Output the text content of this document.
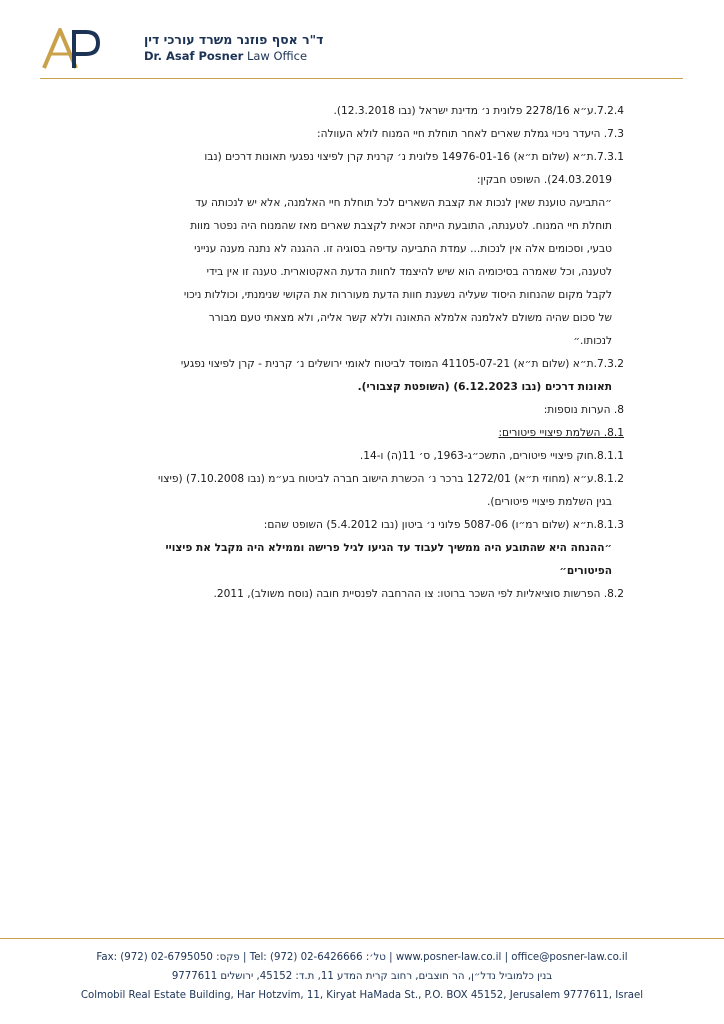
ד"ר אסף פוזנר משרד עורכי דין
Dr. Asaf Posner Law Office
7.2.4.ע״א 2278/16 פלונית נ׳ מדינת ישראל (נבו 12.3.2018).
7.3. היעדר ניכוי גמלת שארים לאחר תוחלת חיי המנוח לולא העוולה:
7.3.1.ת״א (שלום ת״א) 14976-01-16 פלונית נ׳ קרנית קרן לפיצוי נפגעי תאונות דרכים (נבו
24.03.2019). השופט חבקין:
״התביעה טוענת שאין לנכות את קצבת השארים לכל תוחלת חיי האלמנה, אלא יש לנכותה עד
תוחלת חיי המנוח. לטענתה, התובעת הייתה זכאית לקצבת שארים מאז שהמנוח היה נפטר מוות
טבעי, וסכומים אלה אין לנכות... עמדת התביעה עדיפה בסוגיה זו. ההגנה לא נתנה מענה ענייני
לטענה, וכל שאמרה בסיכומיה הוא שיש להיצמד לחוות הדעת האקטוארית. טענה זו אין בידי
לקבל מקום שהנחות היסוד שעליה נשענת חוות הדעת מעוררות את הקושי שנימנתי, וכוללות ניכוי
של סכום שהיה משולם לאלמנה אלמלא התאונה וללא קשר אליה, ולא מצאתי טעם מבורר
לנכותו.״
7.3.2.ת״א (שלום ת״א) 41105-07-21 המוסד לביטוח לאומי ירושלים נ׳ קרנית - קרן לפיצוי נפגעי
תאונות דרכים (נבו 6.12.2023) (השופטת קצבורי).
8. הערות נוספות:
8.1. השלמת פיצויי פיטורים:
8.1.1.חוק פיצויי פיטורים, התשכ״ג-1963, ס׳ 11(ה) ו-14.
8.1.2.ע״א (מחוזי ת״א) 1272/01 ברכר נ׳ הכשרת הישוב חברה לביטוח בע״מ (נבו 7.10.2008) (פיצוי
בגין השלמת פיצויי פיטורים).
8.1.3.ת״א (שלום רמ״ו) 5087-06 פלוני נ׳ ביטון (נבו 5.4.2012) השופט שהם:
״ההנחה היא שהתובע היה ממשיך לעבוד עד הגיעו לגיל פרישה וממילא היה מקבל את פיצויי
הפיטורים״
8.2. הפרשות סוציאליות לפי השכר ברוטו: צו ההרחבה לפנסיית חובה (נוסח משולב), 2011.
Fax: (972) 02-6795050 :פקס | Tel: (972) 02-6426666 :טל׳ | www.posner-law.co.il | office@posner-law.co.il
בנין כלמוביל נדל״ן, הר חוצבים, רחוב קרית המדע 11, ת.ד: 45152, ירושלים 9777611
Colmobil Real Estate Building, Har Hotzvim, 11, Kiryat HaMada St., P.O. BOX 45152, Jerusalem 9777611, Israel
